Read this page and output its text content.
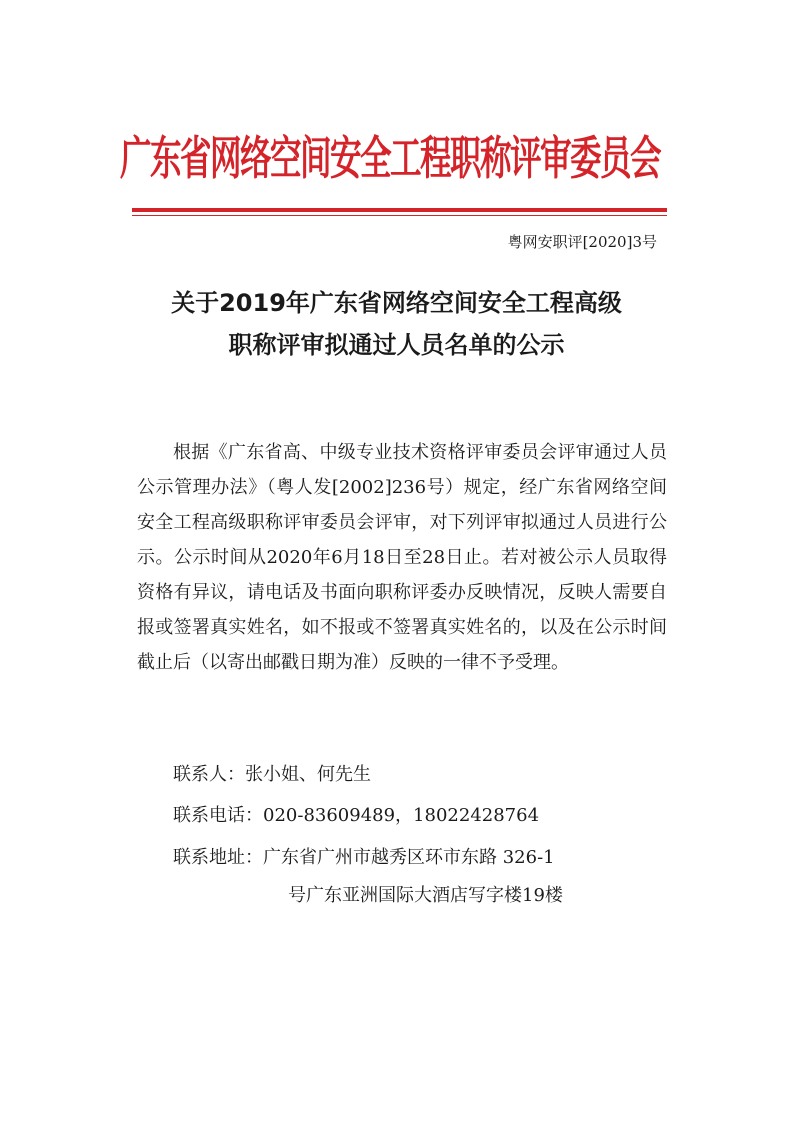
广东省网络空间安全工程职称评审委员会
粤网安职评[2020]3号
关于2019年广东省网络空间安全工程高级
职称评审拟通过人员名单的公示

根据《广东省高、中级专业技术资格评审委员会评审通过人员公示管理办法》（粤人发[2002]236号）规定，经广东省网络空间安全工程高级职称评审委员会评审，对下列评审拟通过人员进行公示。公示时间从2020年6月18日至28日止。若对被公示人员取得资格有异议，请电话及书面向职称评委办反映情况，反映人需要自报或签署真实姓名，如不报或不签署真实姓名的，以及在公示时间截止后（以寄出邮戳日期为准）反映的一律不予受理。

联系人：张小姐、何先生
联系电话：020-83609489，18022428764
联系地址：广东省广州市越秀区环市东路 326-1
号广东亚洲国际大酒店写字楼19楼
